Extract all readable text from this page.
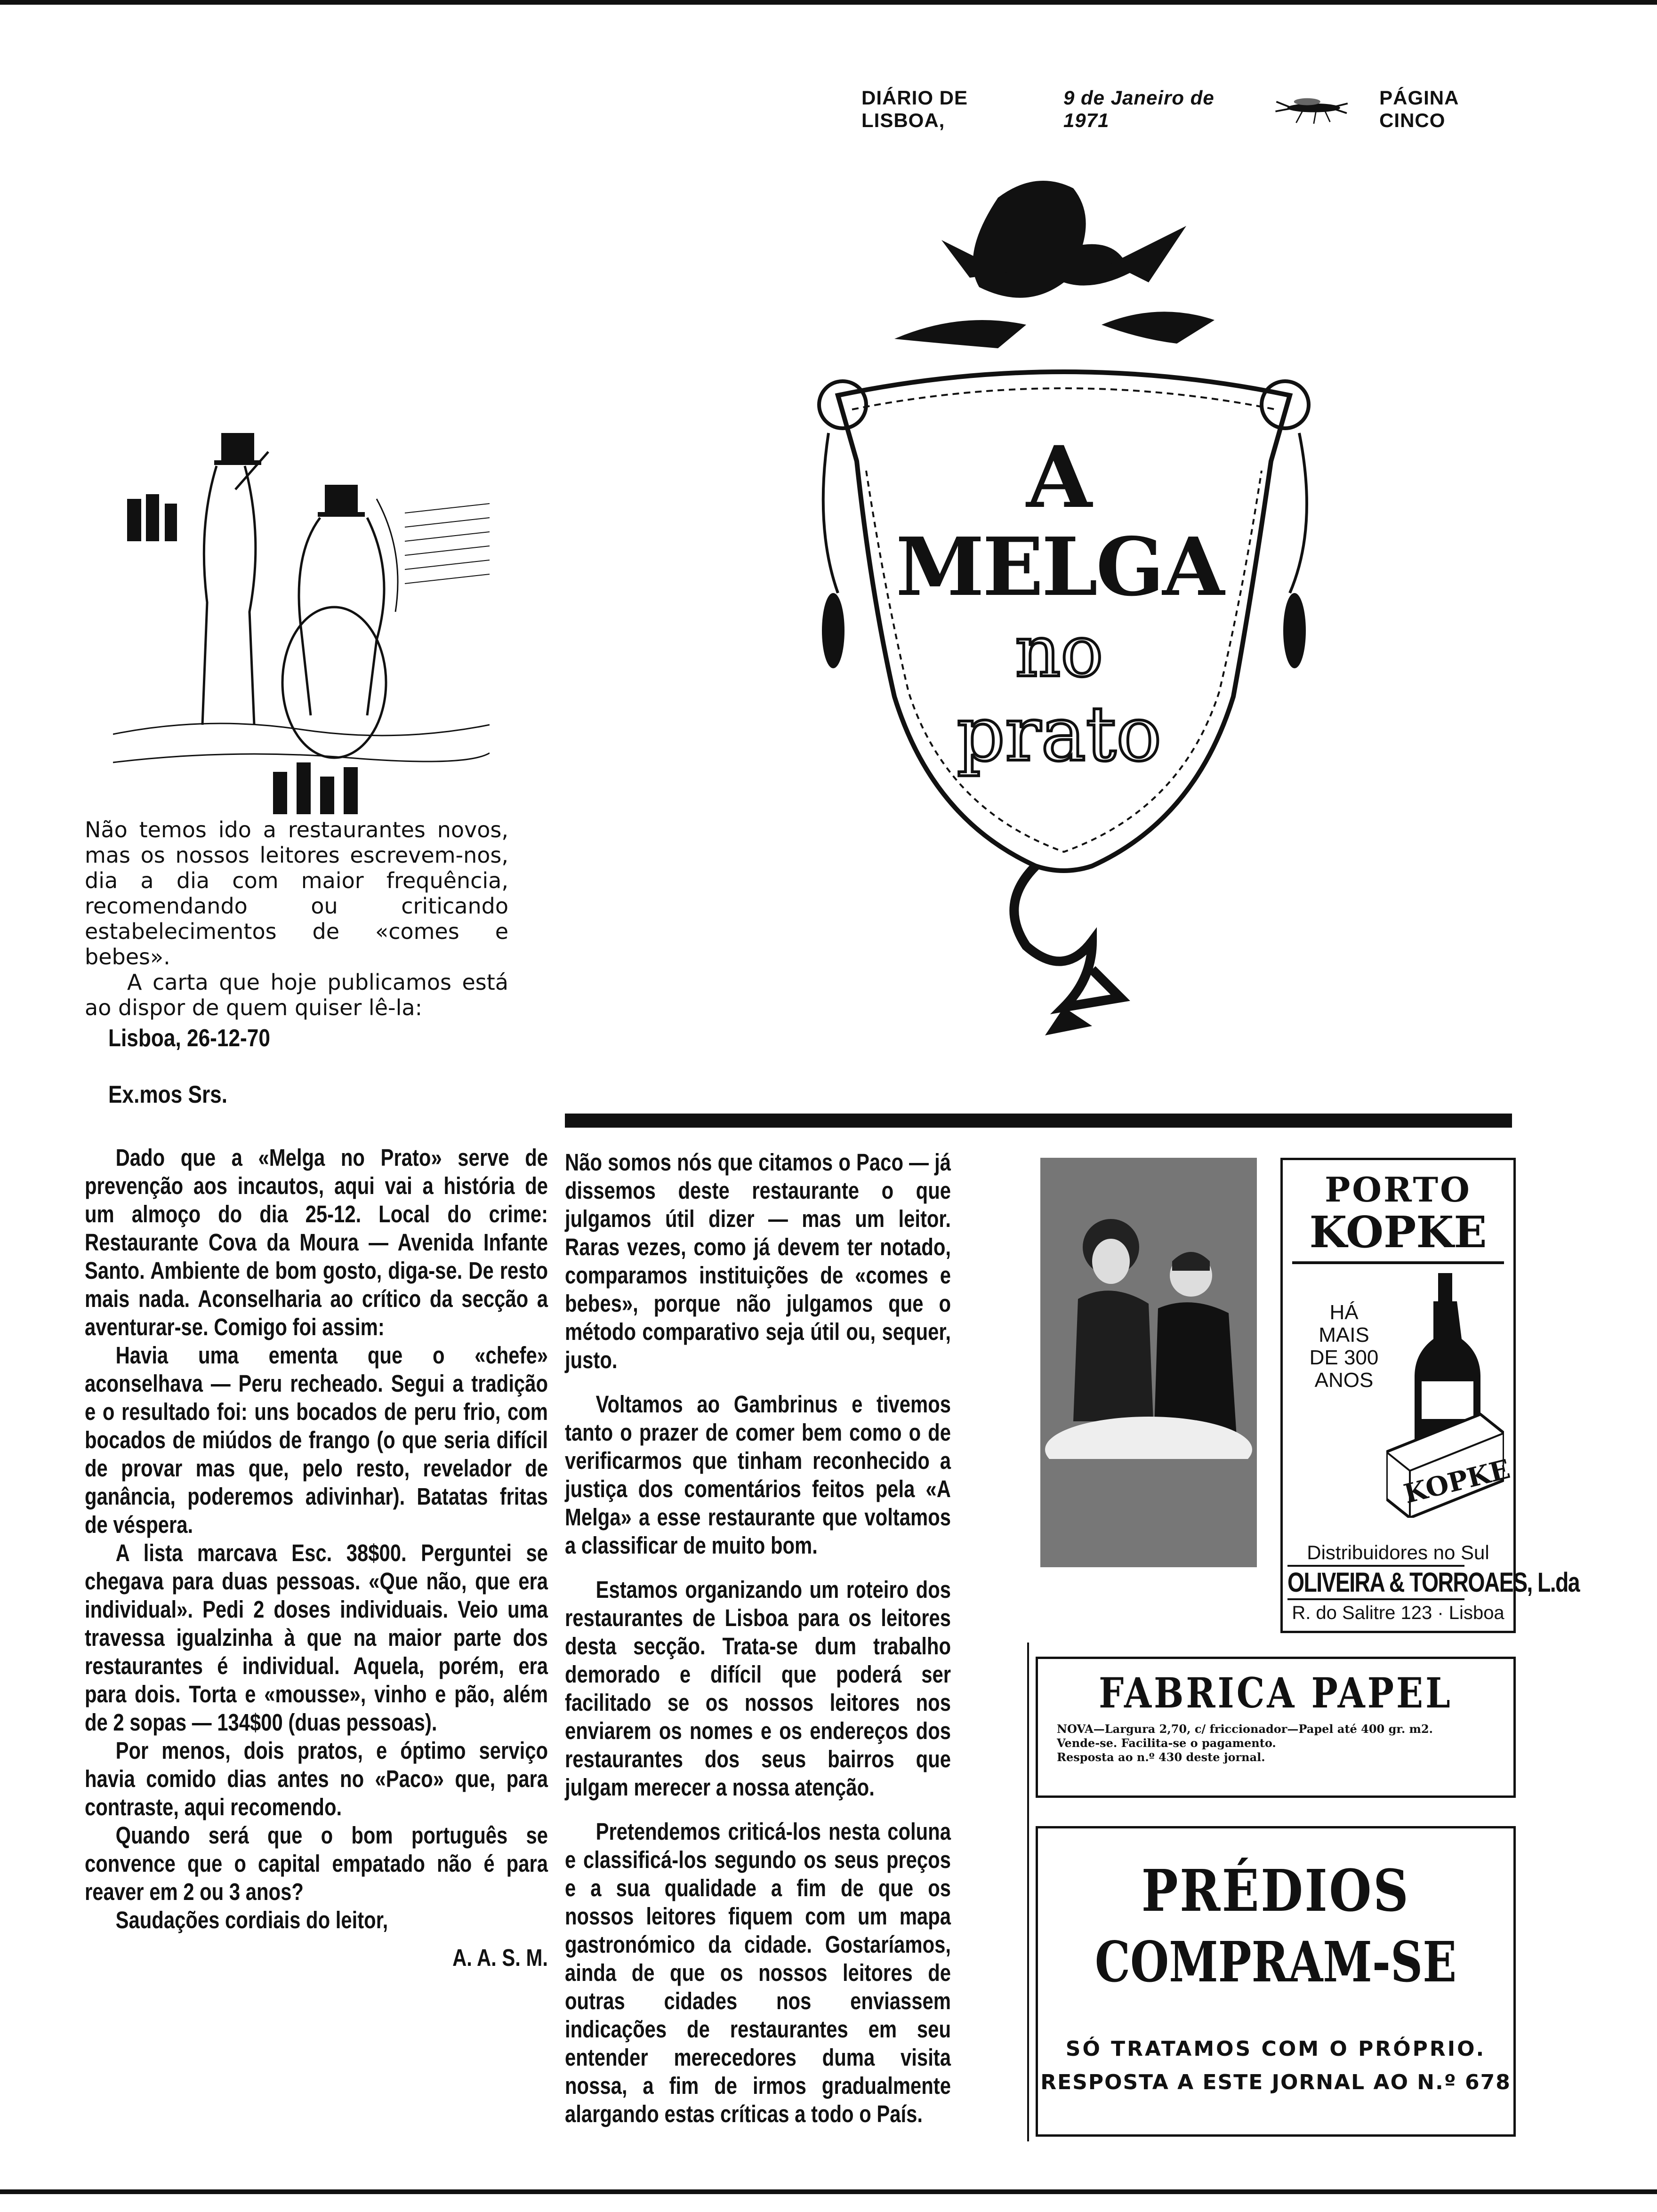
DIÁRIO DE LISBOA,
9 de Janeiro de 1971
PÁGINA CINCO
A
MELGA
no
prato

Não temos ido a restaurantes novos, mas os nossos leitores escrevem-nos, dia a dia com maior frequência, recomendando ou criticando estabelecimentos de «comes e bebes».

A carta que hoje publicamos está ao dispor de quem quiser lê-la:

Lisboa, 26-12-70
Ex.mos Srs.

Dado que a «Melga no Prato» serve de prevenção aos incautos, aqui vai a história de um almoço do dia 25-12. Local do crime: Restaurante Cova da Moura — Avenida Infante Santo. Ambiente de bom gosto, diga-se. De resto mais nada. Aconselharia ao crítico da secção a aventurar-se. Comigo foi assim:

Havia uma ementa que o «chefe» aconselhava — Peru recheado. Segui a tradição e o resultado foi: uns bocados de peru frio, com bocados de miúdos de frango (o que seria difícil de provar mas que, pelo resto, revelador de ganância, poderemos adivinhar). Batatas fritas de véspera.

A lista marcava Esc. 38$00. Perguntei se chegava para duas pessoas. «Que não, que era individual». Pedi 2 doses individuais. Veio uma travessa igualzinha à que na maior parte dos restaurantes é individual. Aquela, porém, era para dois. Torta e «mousse», vinho e pão, além de 2 sopas — 134$00 (duas pessoas).

Por menos, dois pratos, e óptimo serviço havia comido dias antes no «Paco» que, para contraste, aqui recomendo.

Quando será que o bom português se convence que o capital empatado não é para reaver em 2 ou 3 anos?

Saudações cordiais do leitor,

A. A. S. M.

Não somos nós que citamos o Paco — já dissemos deste restaurante o que julgamos útil dizer — mas um leitor. Raras vezes, como já devem ter notado, comparamos instituições de «comes e bebes», porque não julgamos que o método comparativo seja útil ou, sequer, justo.

Voltamos ao Gambrinus e tivemos tanto o prazer de comer bem como o de verificarmos que tinham reconhecido a justiça dos comentários feitos pela «A Melga» a esse restaurante que voltamos a classificar de muito bom.

Estamos organizando um roteiro dos restaurantes de Lisboa para os leitores desta secção. Trata-se dum trabalho demorado e difícil que poderá ser facilitado se os nossos leitores nos enviarem os nomes e os endereços dos restaurantes dos seus bairros que julgam merecer a nossa atenção.

Pretendemos criticá-los nesta coluna e classificá-los segundo os seus preços e a sua qualidade a fim de que os nossos leitores fiquem com um mapa gastronómico da cidade. Gostaríamos, ainda de que os nossos leitores de outras cidades nos enviassem indicações de restaurantes em seu entender merecedores duma visita nossa, a fim de irmos gradualmente alargando estas críticas a todo o País.

PORTO
KOPKE
HÁ MAIS DE 300 ANOS
KOPKE
Distribuidores no Sul
OLIVEIRA & TORROAES, L.da
R. do Salitre 123 · Lisboa
FABRICA PAPEL
NOVA—Largura 2,70, c/ friccionador—Papel até 400 gr. m2.
Vende-se. Facilita-se o pagamento.
Resposta ao n.º 430 deste jornal.
PRÉDIOS
COMPRAM-SE
SÓ TRATAMOS COM O PRÓPRIO.
RESPOSTA A ESTE JORNAL AO N.º 678
